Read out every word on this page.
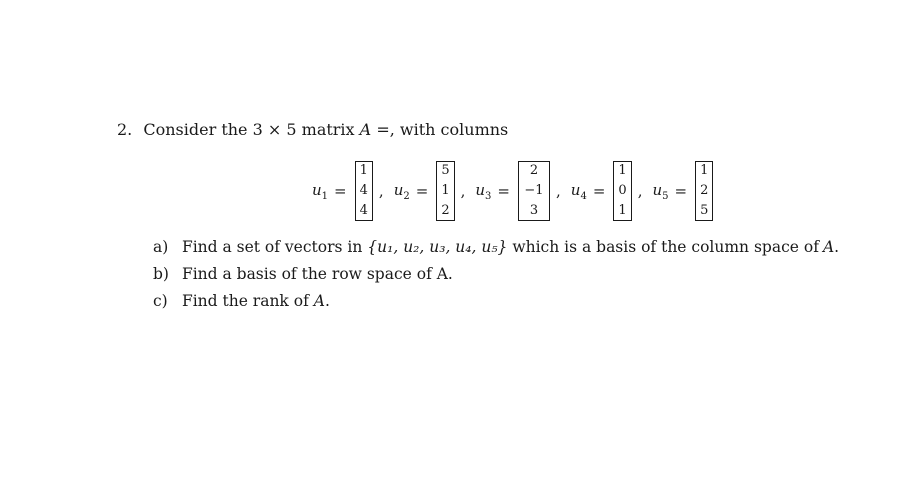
2. Consider the 3 × 5 matrix A =, with columns
$u_1$ =
1
4
4
, $u_2$ =
5
1
2
, $u_3$ =
2
−1
3
, $u_4$ =
1
0
1
, $u_5$ =
1
2
5
a) Find a set of vectors in {u₁, u₂, u₃, u₄, u₅} which is a basis of the column space of A.
b) Find a basis of the row space of A.
c) Find the rank of A.
